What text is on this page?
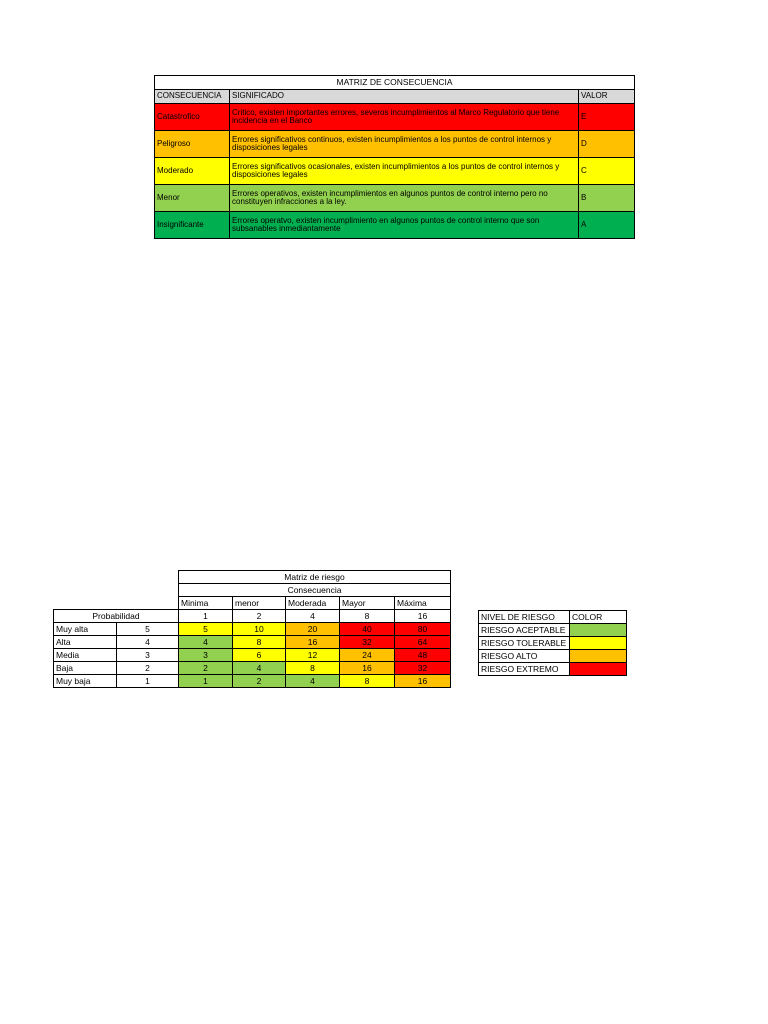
MATRIZ DE CONSECUENCIA		
CONSECUENCIA	SIGNIFICADO	VALOR
Catastrofico	Critico, existen importantes errores, severos incumplimientos al Marco Regulatorio que tiene incidencia en el Banco	E
Peligroso	Errores significativos continuos, existen incumplimientos a los puntos de control internos y disposiciones legales	D
Moderado	Errores significativos ocasionales, existen incumplimientos a los puntos de control internos y disposiciones legales	C
Menor	Errores operativos, existen incumplimientos en algunos puntos de control interno pero no constituyen infracciones a la ley.	B
Insignificante	Errores operatvo, existen incumplimiento en algunos puntos de control interno que son subsanables inmediantamente	A
		Matriz de riesgo				
		Consecuencia				
		Minima	menor	Moderada	Mayor	Máxima
Probabilidad		1	2	4	8	16
Muy alta	5	5	10	20	40	80
Alta	4	4	8	16	32	64
Media	3	3	6	12	24	48
Baja	2	2	4	8	16	32
Muy baja	1	1	2	4	8	16
NIVEL DE RIESGO	COLOR
RIESGO ACEPTABLE	
RIESGO TOLERABLE	
RIESGO ALTO	
RIESGO EXTREMO	
